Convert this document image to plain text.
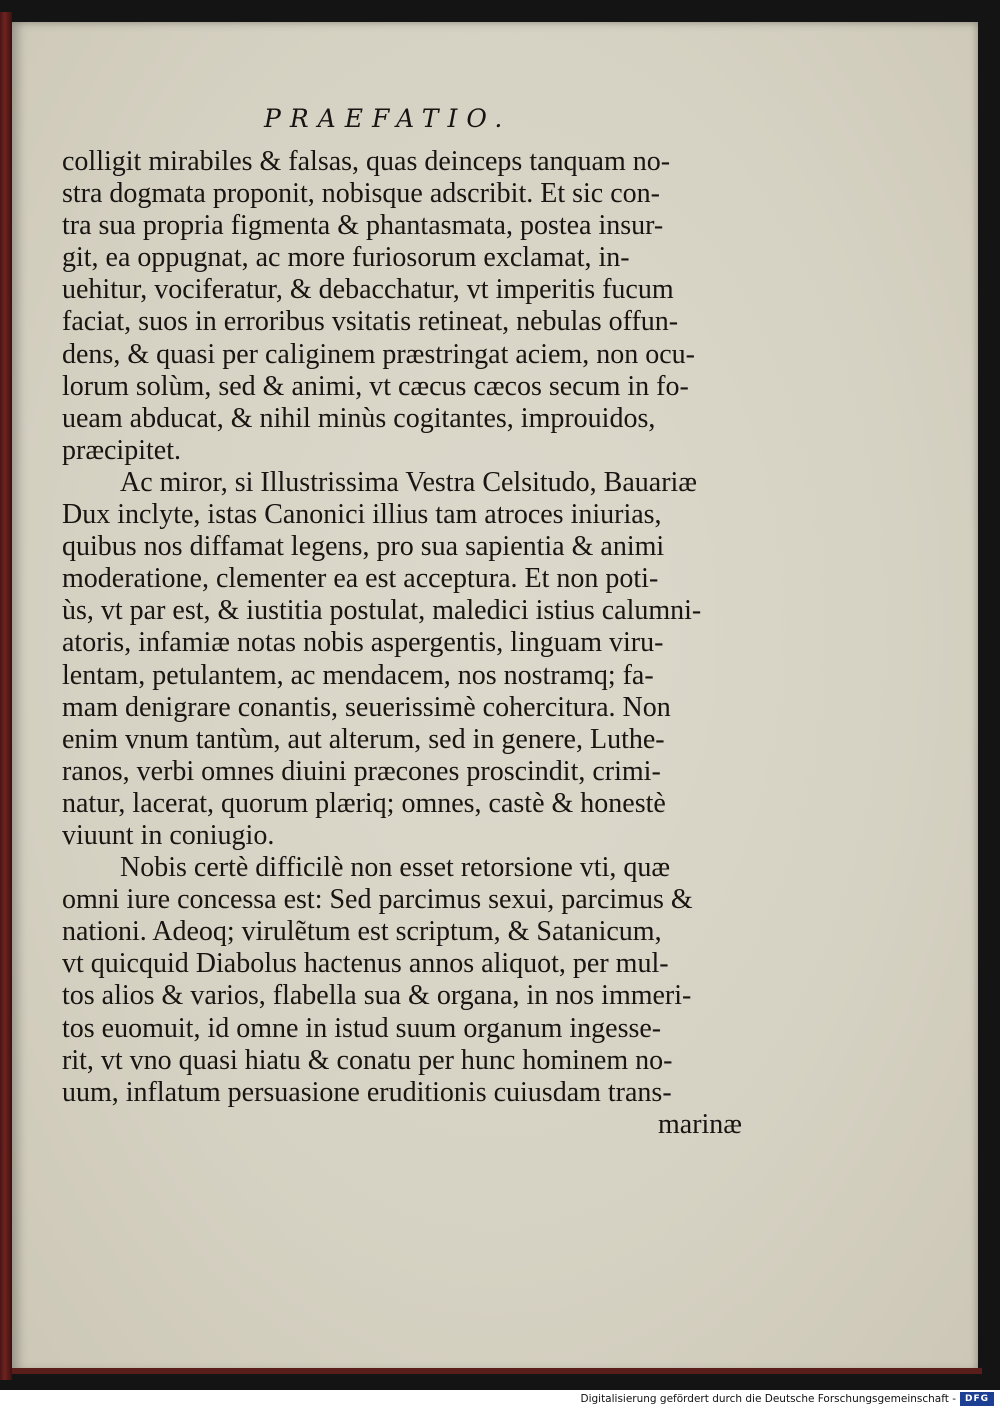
PRAEFATIO.
colligit mirabiles & falsas, quas deinceps tanquam no-
stra dogmata proponit, nobisque adscribit. Et sic con-
tra sua propria figmenta & phantasmata, postea insur-
git, ea oppugnat, ac more furiosorum exclamat, in-
uehitur, vociferatur, & debacchatur, vt imperitis fucum
faciat, suos in erroribus vsitatis retineat, nebulas offun-
dens, & quasi per caliginem præstringat aciem, non ocu-
lorum solùm, sed & animi, vt cæcus cæcos secum in fo-
ueam abducat, & nihil minùs cogitantes, improuidos,
præcipitet.
Ac miror, si Illustrissima Vestra Celsitudo, Bauariæ
Dux inclyte, istas Canonici illius tam atroces iniurias,
quibus nos diffamat legens, pro sua sapientia & animi
moderatione, clementer ea est acceptura. Et non poti-
ùs, vt par est, & iustitia postulat, maledici istius calumni-
atoris, infamiæ notas nobis aspergentis, linguam viru-
lentam, petulantem, ac mendacem, nos nostramq; fa-
mam denigrare conantis, seuerissimè cohercitura. Non
enim vnum tantùm, aut alterum, sed in genere, Luthe-
ranos, verbi omnes diuini præcones proscindit, crimi-
natur, lacerat, quorum plæriq; omnes, castè & honestè
viuunt in coniugio.
Nobis certè difficilè non esset retorsione vti, quæ
omni iure concessa est: Sed parcimus sexui, parcimus &
nationi. Adeoq; virulẽtum est scriptum, & Satanicum,
vt quicquid Diabolus hactenus annos aliquot, per mul-
tos alios & varios, flabella sua & organa, in nos immeri-
tos euomuit, id omne in istud suum organum ingesse-
rit, vt vno quasi hiatu & conatu per hunc hominem no-
uum, inflatum persuasione eruditionis cuiusdam trans-
marinæ
Digitalisierung gefördert durch die Deutsche Forschungsgemeinschaft - DFG
